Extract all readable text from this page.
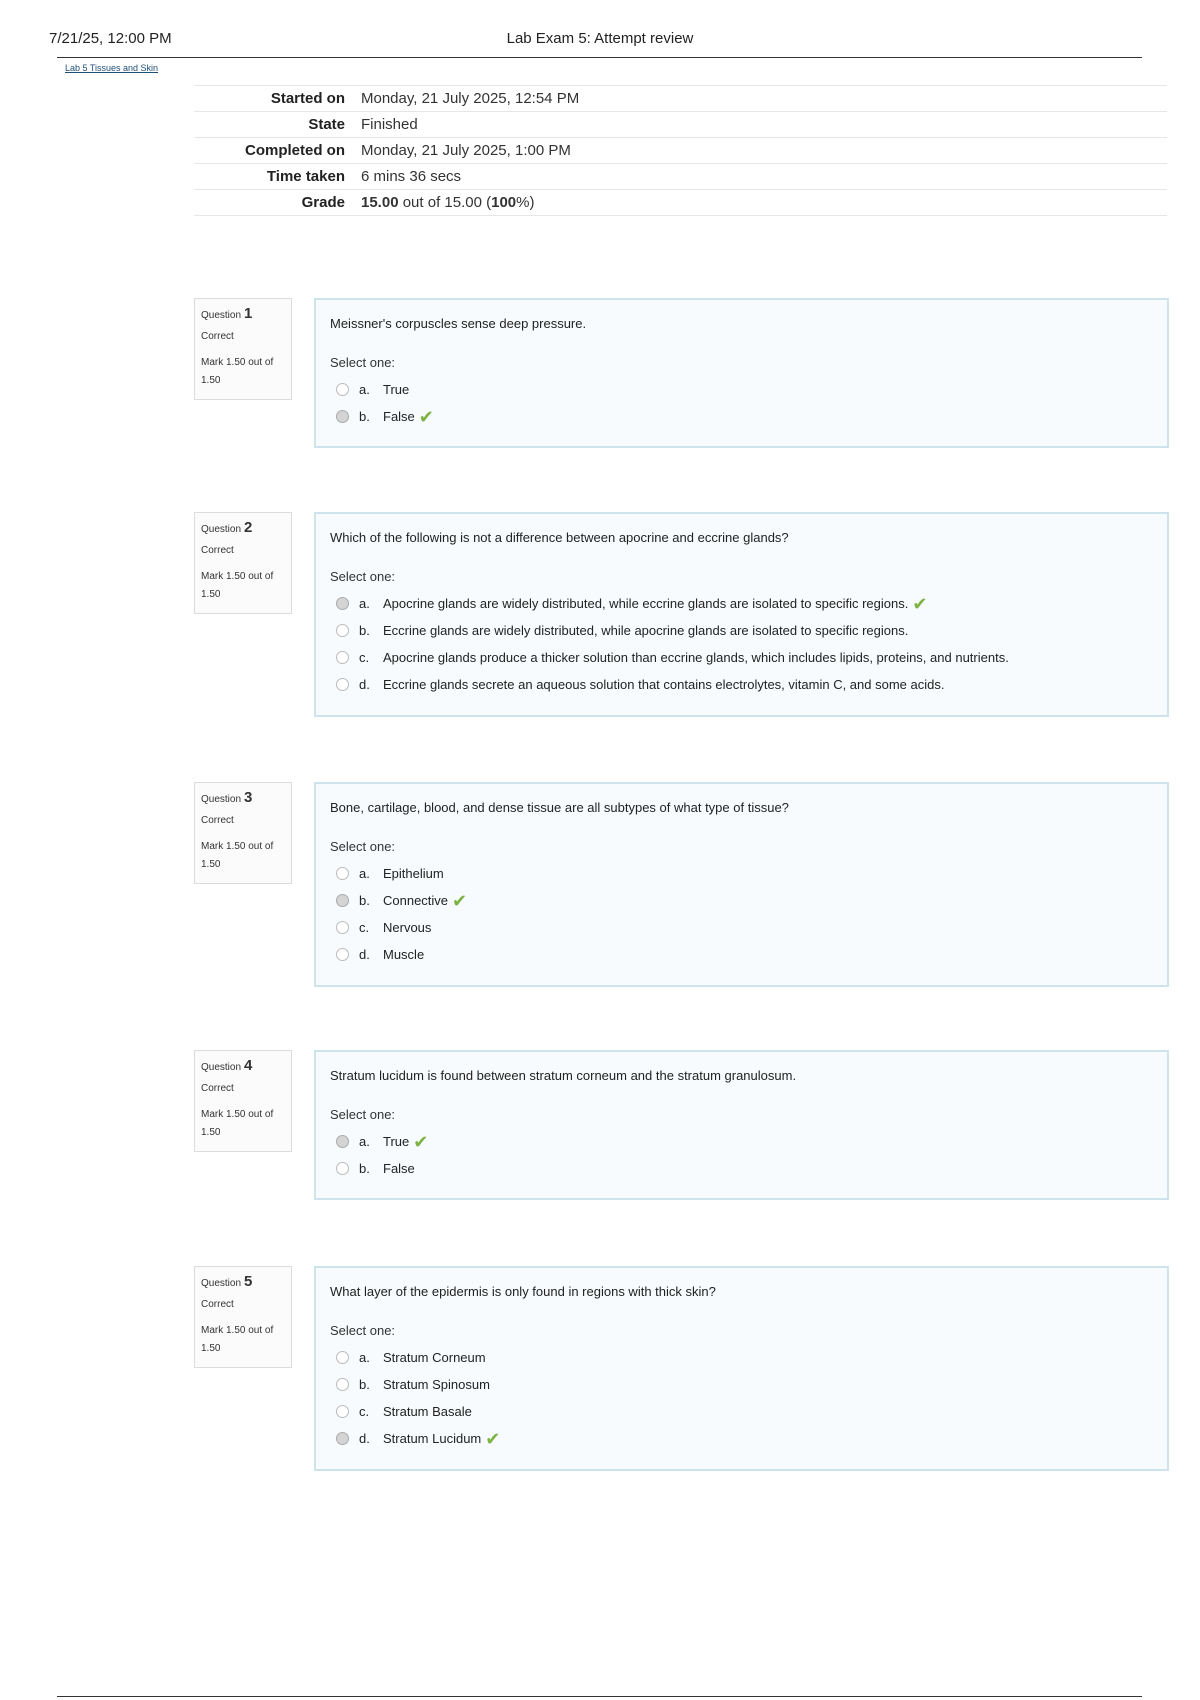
7/21/25, 12:00 PM	Lab Exam 5: Attempt review
Lab 5 Tissues and Skin
Started on	Monday, 21 July 2025, 12:54 PM
State	Finished
Completed on	Monday, 21 July 2025, 1:00 PM
Time taken	6 mins 36 secs
Grade	15.00 out of 15.00 (100%)
Question 1
Correct
Mark 1.50 out of
1.50
Meissner's corpuscles sense deep pressure.
Select one:
a.	True
b.	False ✔
Question 2
Correct
Mark 1.50 out of
1.50
Which of the following is not a difference between apocrine and eccrine glands?
Select one:
a.	Apocrine glands are widely distributed, while eccrine glands are isolated to specific regions. ✔
b.	Eccrine glands are widely distributed, while apocrine glands are isolated to specific regions.
c.	Apocrine glands produce a thicker solution than eccrine glands, which includes lipids, proteins, and nutrients.
d.	Eccrine glands secrete an aqueous solution that contains electrolytes, vitamin C, and some acids.
Question 3
Correct
Mark 1.50 out of
1.50
Bone, cartilage, blood, and dense tissue are all subtypes of what type of tissue?
Select one:
a.	Epithelium
b.	Connective ✔
c.	Nervous
d.	Muscle
Question 4
Correct
Mark 1.50 out of
1.50
Stratum lucidum is found between stratum corneum and the stratum granulosum.
Select one:
a.	True ✔
b.	False
Question 5
Correct
Mark 1.50 out of
1.50
What layer of the epidermis is only found in regions with thick skin?
Select one:
a.	Stratum Corneum
b.	Stratum Spinosum
c.	Stratum Basale
d.	Stratum Lucidum ✔
